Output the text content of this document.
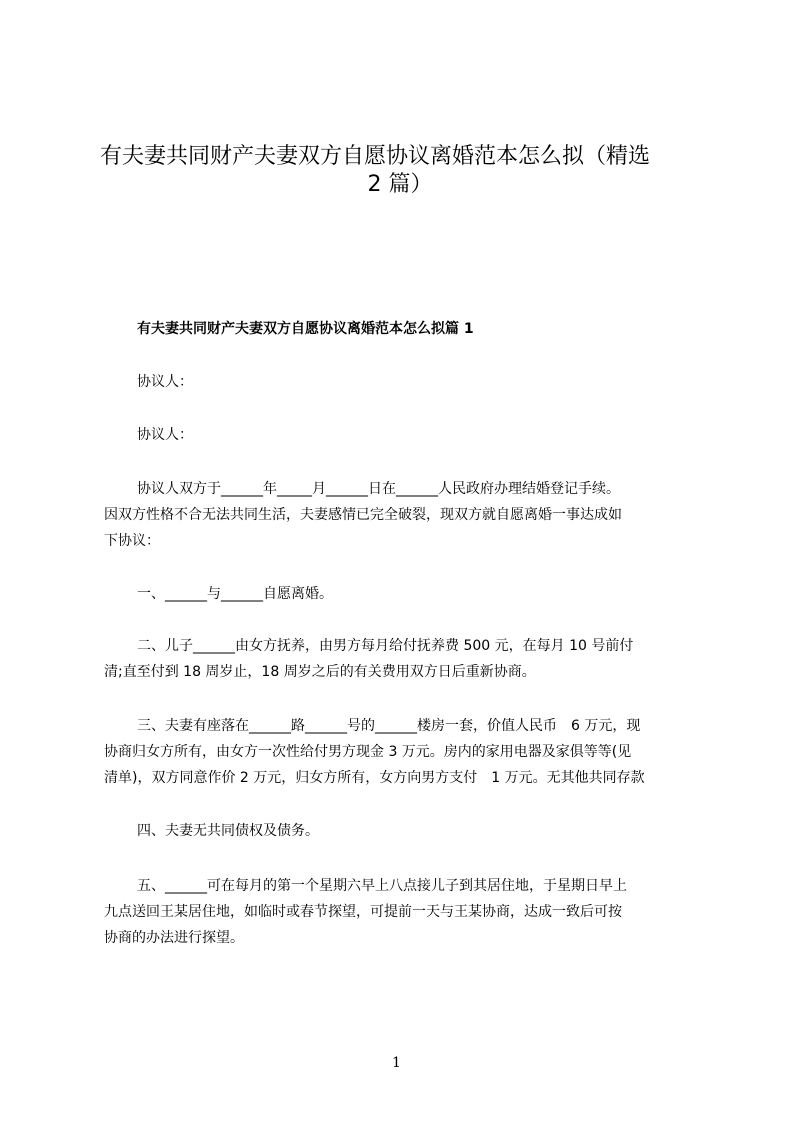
有夫妻共同财产夫妻双方自愿协议离婚范本怎么拟（精选
2 篇）
有夫妻共同财产夫妻双方自愿协议离婚范本怎么拟篇 1
协议人：
协议人：
协议人双方于______年_____月______日在______人民政府办理结婚登记手续。
因双方性格不合无法共同生活，夫妻感情已完全破裂，现双方就自愿离婚一事达成如
下协议：
一、______与______自愿离婚。
二、儿子______由女方抚养，由男方每月给付抚养费 500 元，在每月 10 号前付
清;直至付到 18 周岁止，18 周岁之后的有关费用双方日后重新协商。
三、夫妻有座落在______路______号的______楼房一套，价值人民币　6 万元，现
协商归女方所有，由女方一次性给付男方现金 3 万元。房内的家用电器及家俱等等(见
清单)，双方同意作价 2 万元，归女方所有，女方向男方支付　1 万元。无其他共同存款
四、夫妻无共同债权及债务。
五、______可在每月的第一个星期六早上八点接儿子到其居住地，于星期日早上
九点送回王某居住地，如临时或春节探望，可提前一天与王某协商，达成一致后可按
协商的办法进行探望。
1
